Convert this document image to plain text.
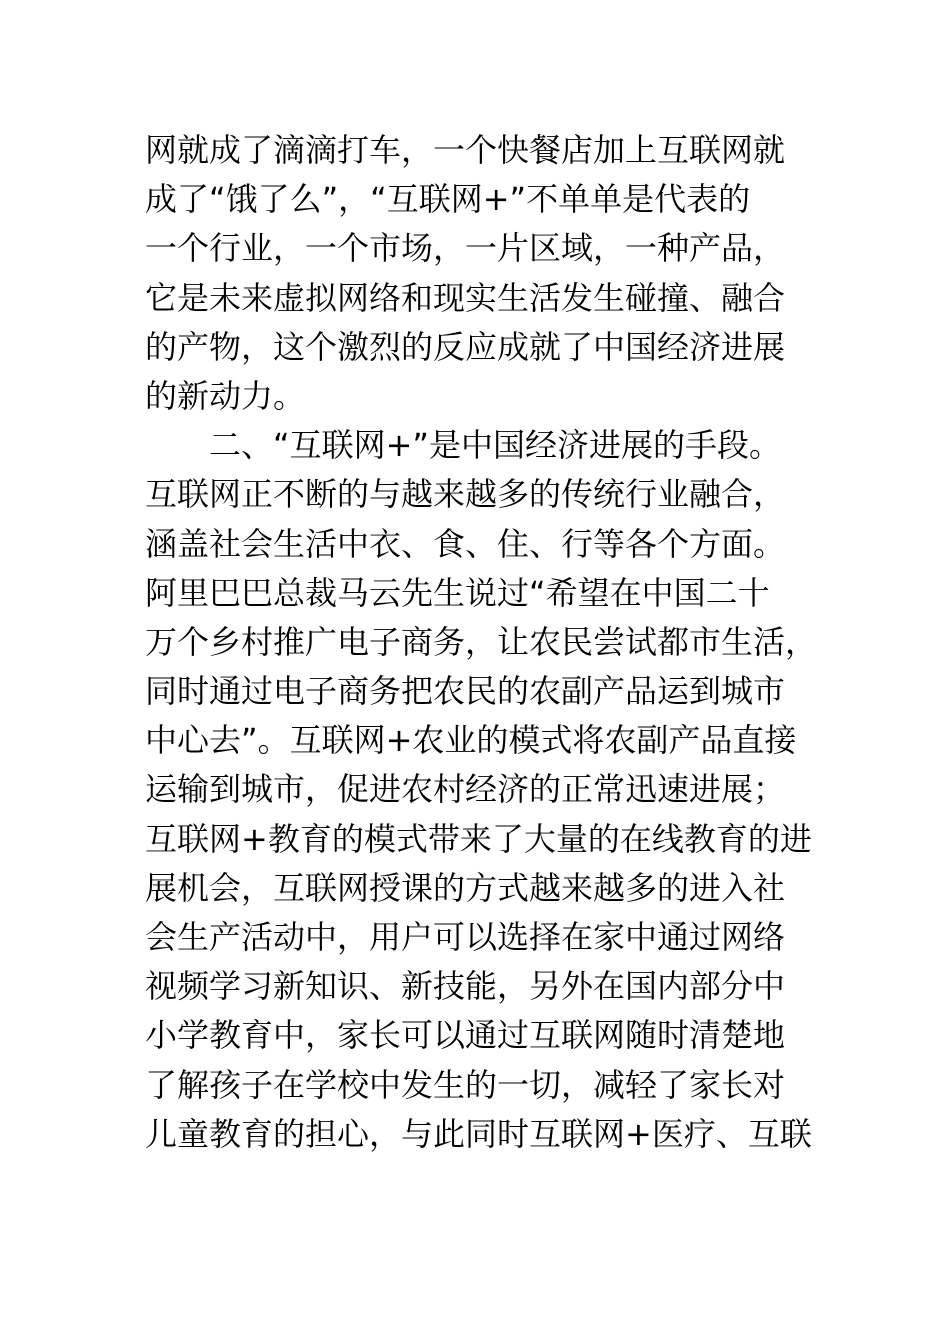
网就成了滴滴打车，一个快餐店加上互联网就
成了“饿了么”，“互联网+”不单单是代表的
一个行业，一个市场，一片区域，一种产品，
它是未来虚拟网络和现实生活发生碰撞、融合
的产物，这个激烈的反应成就了中国经济进展
的新动力。
　　二、“互联网+”是中国经济进展的手段。
互联网正不断的与越来越多的传统行业融合，
涵盖社会生活中衣、食、住、行等各个方面。
阿里巴巴总裁马云先生说过“希望在中国二十
万个乡村推广电子商务，让农民尝试都市生活，
同时通过电子商务把农民的农副产品运到城市
中心去”。互联网+农业的模式将农副产品直接
运输到城市，促进农村经济的正常迅速进展；
互联网+教育的模式带来了大量的在线教育的进
展机会，互联网授课的方式越来越多的进入社
会生产活动中，用户可以选择在家中通过网络
视频学习新知识、新技能，另外在国内部分中
小学教育中，家长可以通过互联网随时清楚地
了解孩子在学校中发生的一切，减轻了家长对
儿童教育的担心，与此同时互联网+医疗、互联
